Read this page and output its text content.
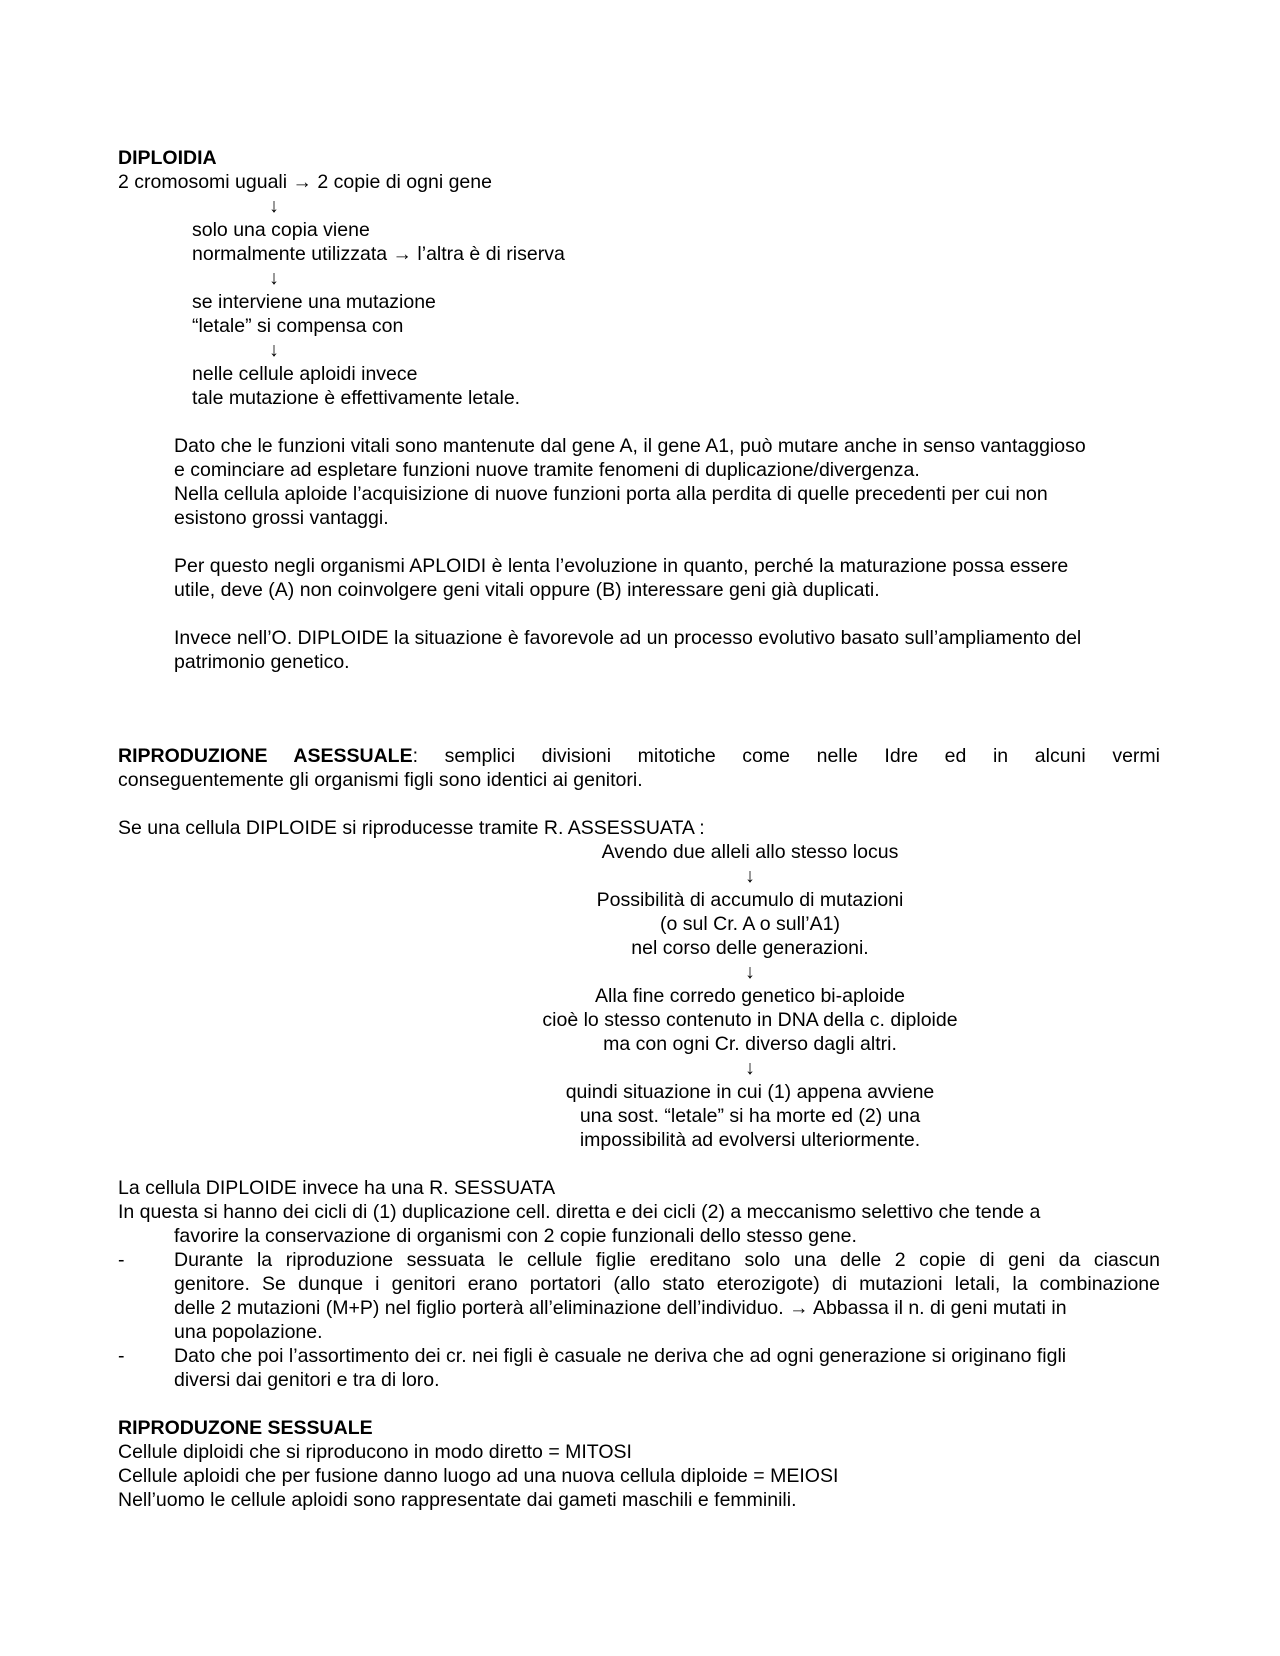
DIPLOIDIA
2 cromosomi uguali → 2 copie di ogni gene
↓
solo una copia viene
normalmente utilizzata → l’altra è di riserva
↓
se interviene una mutazione
“letale” si compensa con
↓
nelle cellule aploidi invece
tale mutazione è effettivamente letale.
Dato che le funzioni vitali sono mantenute dal gene A, il gene A1, può mutare anche in senso vantaggioso
e cominciare ad espletare funzioni nuove tramite fenomeni di duplicazione/divergenza.
Nella cellula aploide l’acquisizione di nuove funzioni porta alla perdita di quelle precedenti per cui non
esistono grossi vantaggi.
Per questo negli organismi APLOIDI è lenta l’evoluzione in quanto, perché la maturazione possa essere
utile, deve (A) non coinvolgere geni vitali oppure (B) interessare geni già duplicati.
Invece nell’O. DIPLOIDE la situazione è favorevole ad un processo evolutivo basato sull’ampliamento del
patrimonio genetico.
RIPRODUZIONE ASESSUALE: semplici divisioni mitotiche come nelle Idre ed in alcuni vermi
conseguentemente gli organismi figli sono identici ai genitori.
Se una cellula DIPLOIDE si riproducesse tramite R. ASSESSUATA :
Avendo due alleli allo stesso locus
↓
Possibilità di accumulo di mutazioni
(o sul Cr. A o sull’A1)
nel corso delle generazioni.
↓
Alla fine corredo genetico bi-aploide
cioè lo stesso contenuto in DNA della c. diploide
ma con ogni Cr. diverso dagli altri.
↓
quindi situazione in cui (1) appena avviene
una sost. “letale” si ha morte ed (2) una
impossibilità ad evolversi ulteriormente.
La cellula DIPLOIDE invece ha una R. SESSUATA
In questa si hanno dei cicli di (1) duplicazione cell. diretta e dei cicli (2) a meccanismo selettivo che tende a
favorire la conservazione di organismi con 2 copie funzionali dello stesso gene.
-	Durante la riproduzione sessuata le cellule figlie ereditano solo una delle 2 copie di geni da ciascun
genitore. Se dunque i genitori erano portatori (allo stato eterozigote) di mutazioni letali, la combinazione
delle 2 mutazioni (M+P) nel figlio porterà all’eliminazione dell’individuo. → Abbassa il n. di geni mutati in
una popolazione.
-	Dato che poi l’assortimento dei cr. nei figli è casuale ne deriva che ad ogni generazione si originano figli
diversi dai genitori e tra di loro.
RIPRODUZONE SESSUALE
Cellule diploidi che si riproducono in modo diretto = MITOSI
Cellule aploidi che per fusione danno luogo ad una nuova cellula diploide = MEIOSI
Nell’uomo le cellule aploidi sono rappresentate dai gameti maschili e femminili.
